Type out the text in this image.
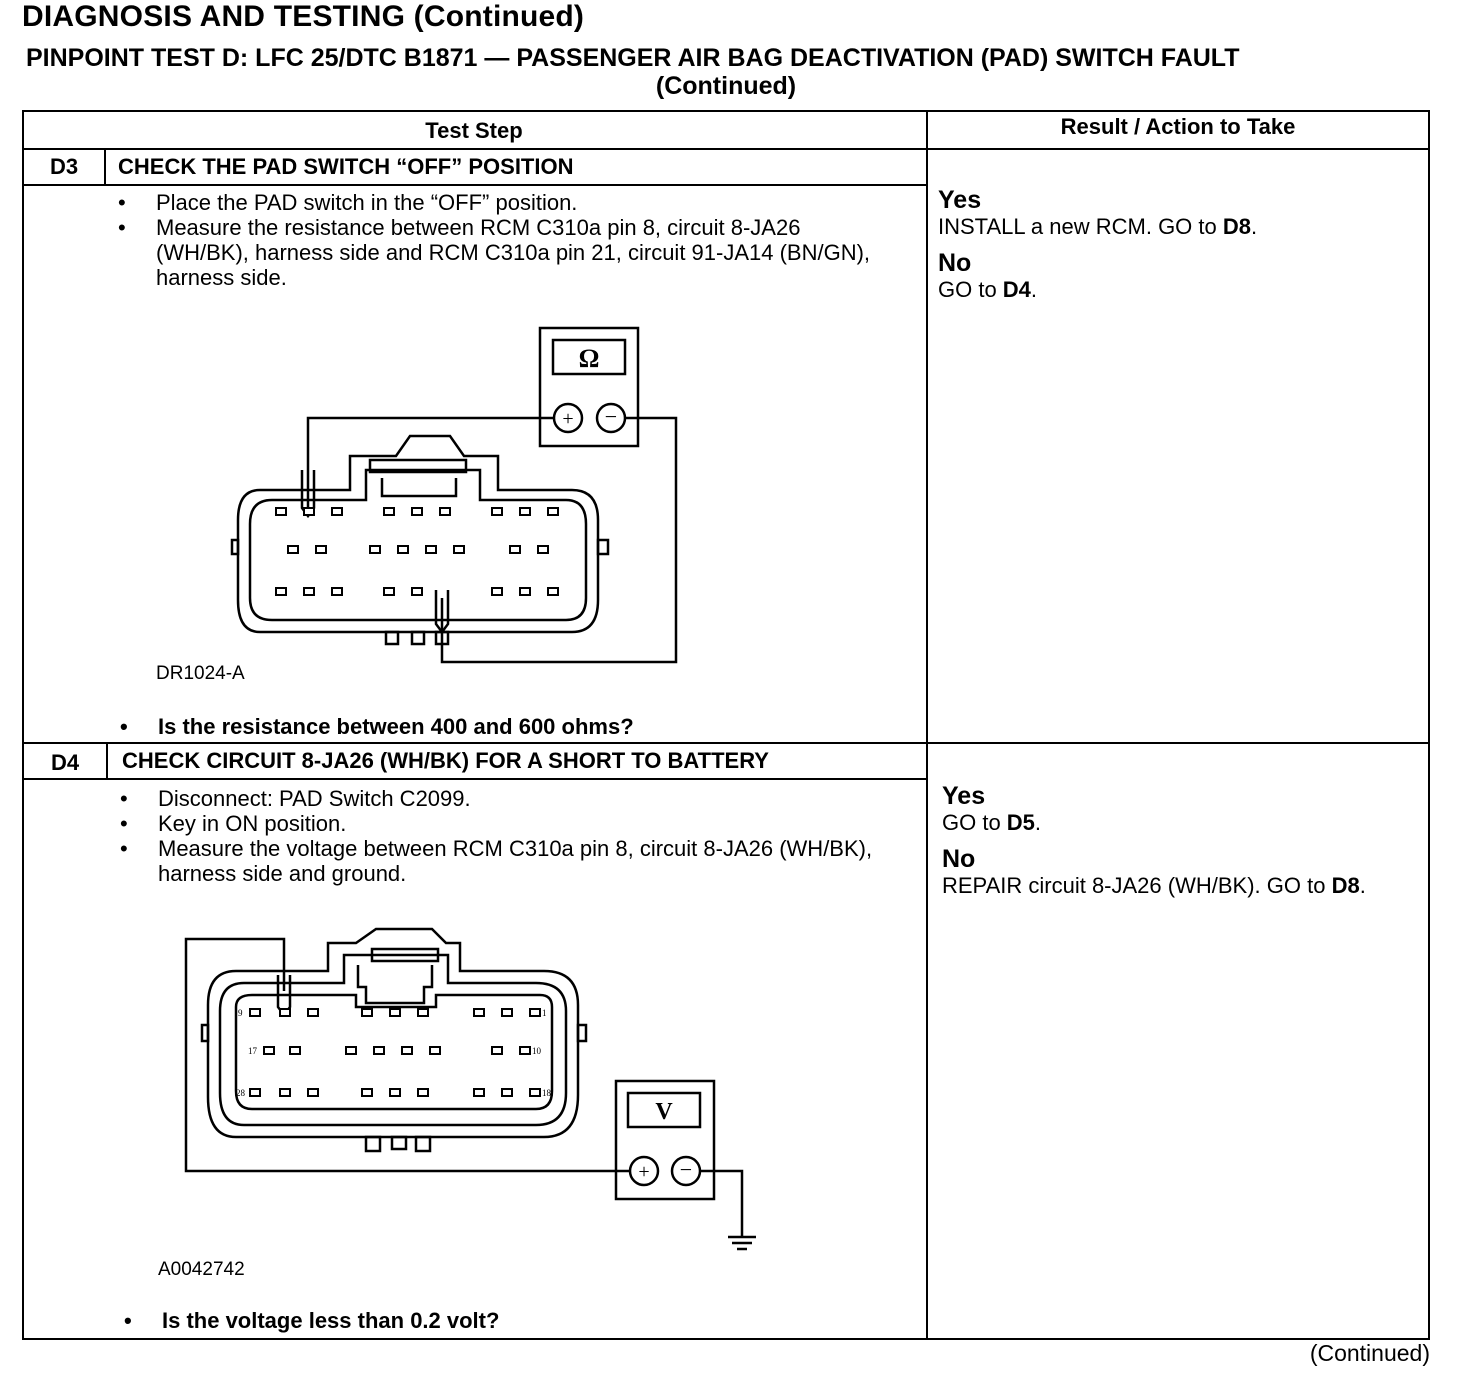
DIAGNOSIS AND TESTING (Continued)
PINPOINT TEST D: LFC 25/DTC B1871 — PASSENGER AIR BAG DEACTIVATION (PAD) SWITCH FAULT
(Continued)
Test Step	Result / Action to Take
D3	CHECK THE PAD SWITCH “OFF” POSITION
• Place the PAD switch in the “OFF” position.
• Measure the resistance between RCM C310a pin 8, circuit 8-JA26 (WH/BK), harness side and RCM C310a pin 21, circuit 91-JA14 (BN/GN), harness side.
Ω
+ −
DR1024-A
• Is the resistance between 400 and 600 ohms?
Yes
INSTALL a new RCM. GO to D8.
No
GO to D4.
D4	CHECK CIRCUIT 8-JA26 (WH/BK) FOR A SHORT TO BATTERY
• Disconnect: PAD Switch C2099.
• Key in ON position.
• Measure the voltage between RCM C310a pin 8, circuit 8-JA26 (WH/BK), harness side and ground.
9	1
17	10
28	18
V
+ −
A0042742
• Is the voltage less than 0.2 volt?
Yes
GO to D5.
No
REPAIR circuit 8-JA26 (WH/BK). GO to D8.
(Continued)
